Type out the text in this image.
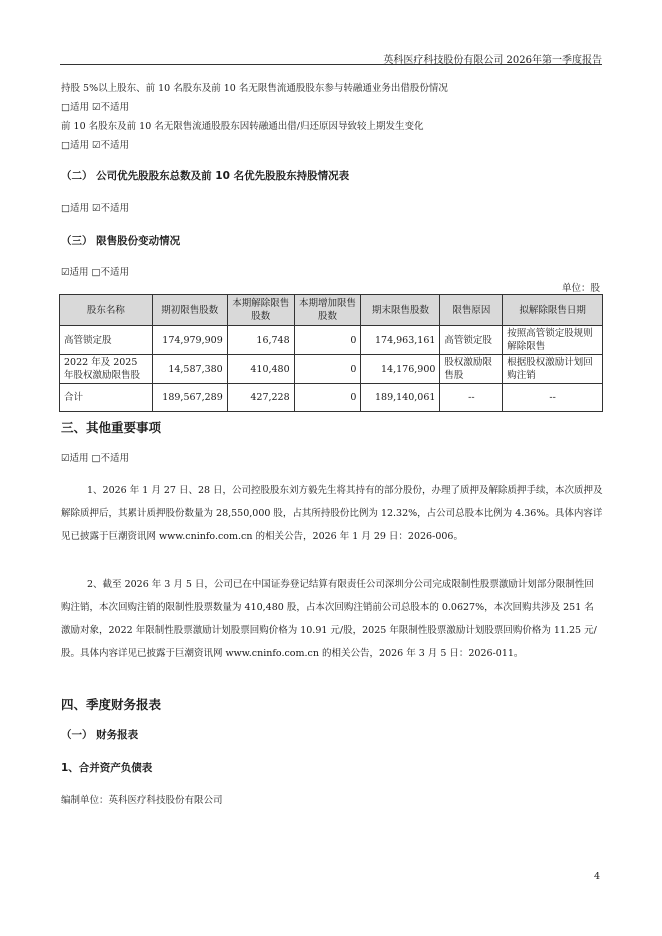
英科医疗科技股份有限公司 2026年第一季度报告
持股 5%以上股东、前 10 名股东及前 10 名无限售流通股股东参与转融通业务出借股份情况
□适用 ☑不适用
前 10 名股东及前 10 名无限售流通股股东因转融通出借/归还原因导致较上期发生变化
□适用 ☑不适用
（二） 公司优先股股东总数及前 10 名优先股股东持股情况表
□适用 ☑不适用
（三） 限售股份变动情况
☑适用 □不适用
单位：股
股东名称	期初限售股数	本期解除限售股数	本期增加限售股数	期末限售股数	限售原因	拟解除限售日期
高管锁定股	174,979,909	16,748	0	174,963,161	高管锁定股	按照高管锁定股规则解除限售
2022 年及 2025 年股权激励限售股	14,587,380	410,480	0	14,176,900	股权激励限售股	根据股权激励计划回购注销
合计	189,567,289	427,228	0	189,140,061	--	--
三、其他重要事项
☑适用 □不适用
1、2026 年 1 月 27 日、28 日，公司控股股东刘方毅先生将其持有的部分股份，办理了质押及解除质押手续，本次质押及解除质押后，其累计质押股份数量为 28,550,000 股，占其所持股份比例为 12.32%，占公司总股本比例为 4.36%。具体内容详见已披露于巨潮资讯网 www.cninfo.com.cn 的相关公告，2026 年 1 月 29 日：2026-006。
2、截至 2026 年 3 月 5 日，公司已在中国证券登记结算有限责任公司深圳分公司完成限制性股票激励计划部分限制性回购注销，本次回购注销的限制性股票数量为 410,480 股，占本次回购注销前公司总股本的 0.0627%，本次回购共涉及 251 名激励对象，2022 年限制性股票激励计划股票回购价格为 10.91 元/股，2025 年限制性股票激励计划股票回购价格为 11.25 元/股。具体内容详见已披露于巨潮资讯网 www.cninfo.com.cn 的相关公告，2026 年 3 月 5 日：2026-011。
四、季度财务报表
（一） 财务报表
1、合并资产负债表
编制单位：英科医疗科技股份有限公司
4
